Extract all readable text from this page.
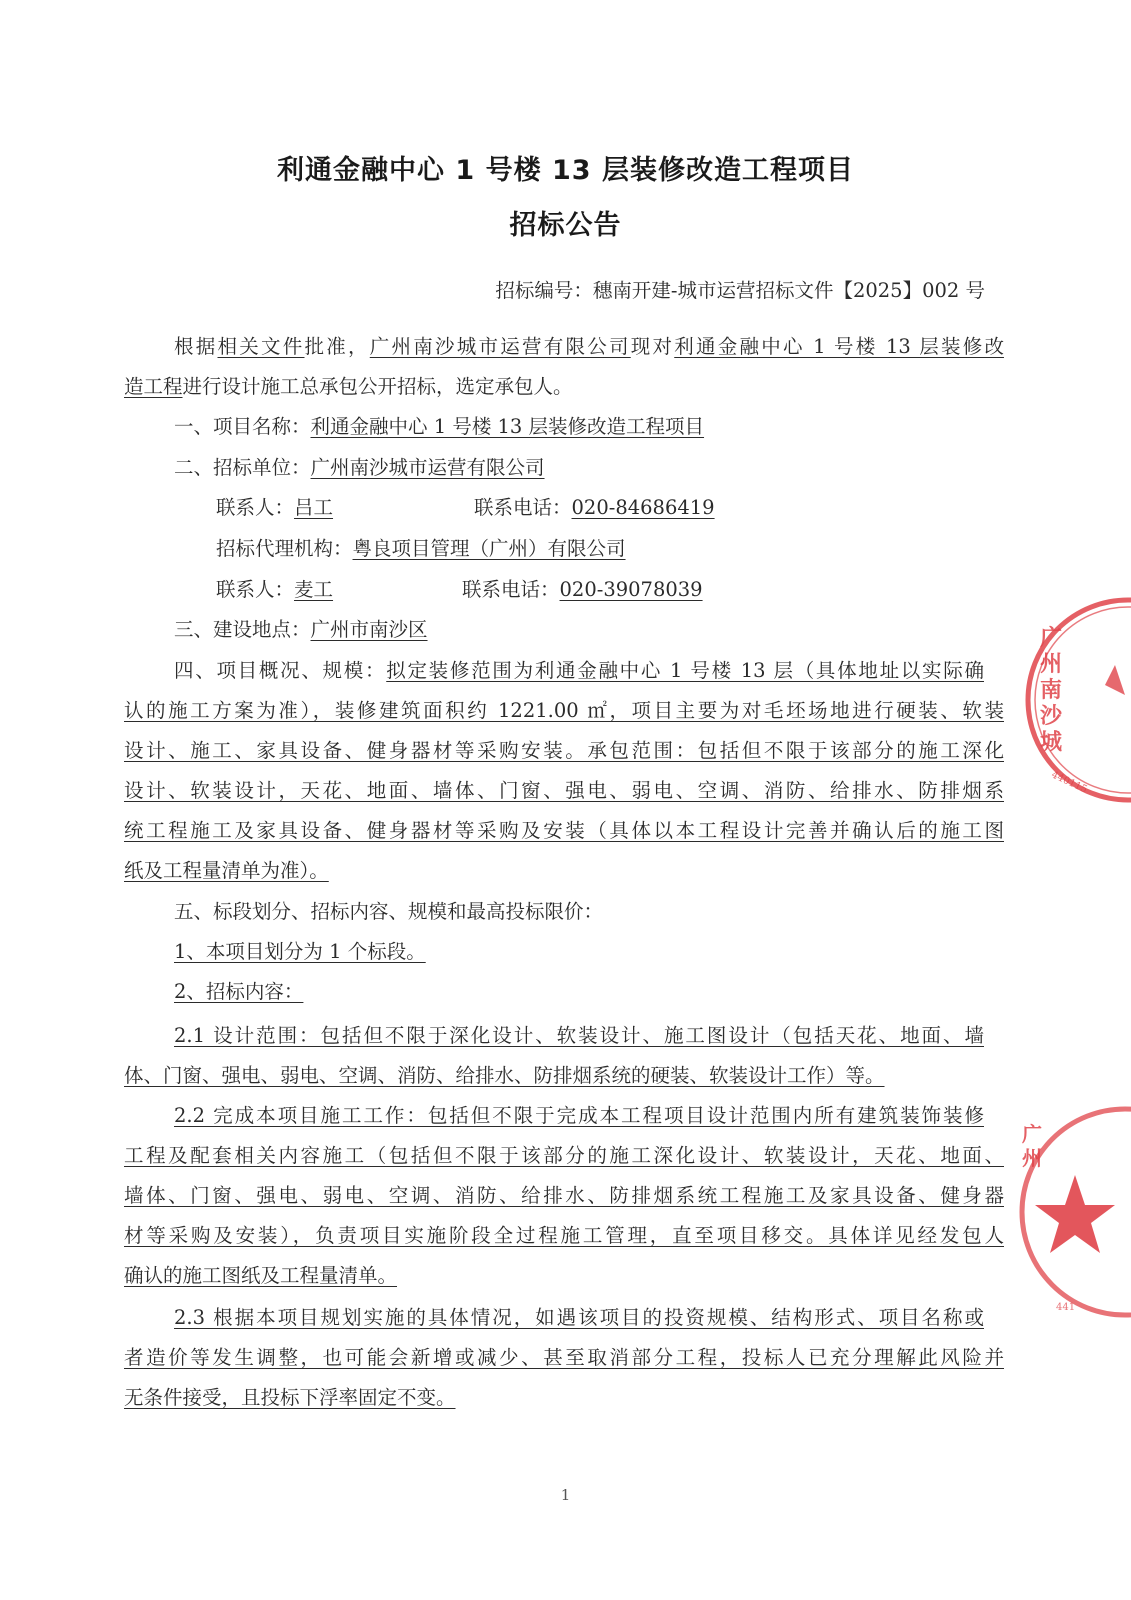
利通金融中心 1 号楼 13 层装修改造工程项目
招标公告
招标编号：穗南开建-城市运营招标文件【2025】002 号
根据相关文件批准，广州南沙城市运营有限公司现对利通金融中心 1 号楼 13 层装修改
造工程进行设计施工总承包公开招标，选定承包人。
一、项目名称：利通金融中心 1 号楼 13 层装修改造工程项目
二、招标单位：广州南沙城市运营有限公司
联系人：吕工	联系电话：020-84686419
招标代理机构：粤良项目管理（广州）有限公司
联系人：麦工	联系电话：020-39078039
三、建设地点：广州市南沙区
四、项目概况、规模：拟定装修范围为利通金融中心 1 号楼 13 层（具体地址以实际确
认的施工方案为准），装修建筑面积约 1221.00 ㎡，项目主要为对毛坯场地进行硬装、软装
设计、施工、家具设备、健身器材等采购安装。承包范围：包括但不限于该部分的施工深化
设计、软装设计，天花、地面、墙体、门窗、强电、弱电、空调、消防、给排水、防排烟系
统工程施工及家具设备、健身器材等采购及安装（具体以本工程设计完善并确认后的施工图
纸及工程量清单为准）。
五、标段划分、招标内容、规模和最高投标限价：
1、本项目划分为 1 个标段。
2、招标内容：
2.1 设计范围：包括但不限于深化设计、软装设计、施工图设计（包括天花、地面、墙
体、门窗、强电、弱电、空调、消防、给排水、防排烟系统的硬装、软装设计工作）等。
2.2 完成本项目施工工作：包括但不限于完成本工程项目设计范围内所有建筑装饰装修
工程及配套相关内容施工（包括但不限于该部分的施工深化设计、软装设计，天花、地面、
墙体、门窗、强电、弱电、空调、消防、给排水、防排烟系统工程施工及家具设备、健身器
材等采购及安装），负责项目实施阶段全过程施工管理，直至项目移交。具体详见经发包人
确认的施工图纸及工程量清单。
2.3 根据本项目规划实施的具体情况，如遇该项目的投资规模、结构形式、项目名称或
者造价等发生调整，也可能会新增或减少、甚至取消部分工程，投标人已充分理解此风险并
无条件接受，且投标下浮率固定不变。
广州南沙城
440115
广州
441
1
